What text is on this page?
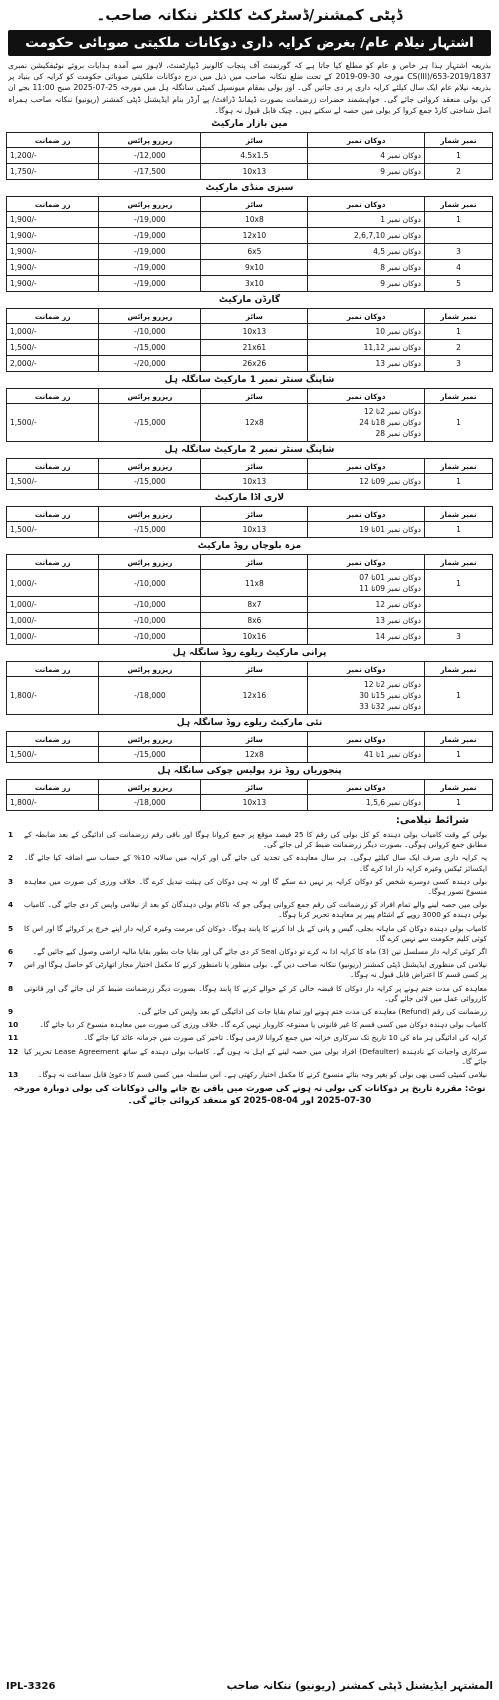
ڈپٹی کمشنر/ڈسٹرکٹ کلکٹر ننکانہ صاحب۔
اشتہار نیلام عام/ بغرض کرایہ داری دوکانات ملکیتی صوبائی حکومت
بذریعہ اشتہار ہذا ہر خاص و عام کو مطلع کیا جاتا ہے کہ گورنمنٹ آف پنجاب کالونیز ڈیپارٹمنٹ، لاہور سے آمدہ ہدایات بروئے نوٹیفکیشن نمبری CS(III)/653-2019/1837 مورخہ 30-09-2019 کے تحت ضلع ننکانہ صاحب میں ذیل میں درج دوکانات ملکیتی صوبائی حکومت کو کرایہ کی بنیاد پر بذریعہ نیلام عام ایک سال کیلئے کرایہ داری پر دی جائیں گی۔ اور بولی بمقام میونسپل کمیٹی سانگلہ ہل میں مورخہ 25-07-2025 صبح 11:00 بجے ان کی بولی منعقد کروائی جائے گی۔ خواہشمند حضرات زرضمانت بصورت ڈیمانڈ ڈرافٹ/ پے آرڈر بنام ایڈیشنل ڈپٹی کمشنر (ریونیو) ننکانہ صاحب ہمراہ اصل شناختی کارڈ جمع کروا کر بولی میں حصہ لے سکتے ہیں۔ چیک قابل قبول نہ ہوگا۔
مین بازار مارکیٹ
نمبر شمار	دوکان نمبر	سائز	ریزرو پرائس	زر ضمانت
1	دوکان نمبر 4	4.5x1.5	12,000/-	1,200/-
2	دوکان نمبر 9	10x13	17,500/-	1,750/-
سبزی منڈی مارکیٹ
نمبر شمار	دوکان نمبر	سائز	ریزرو پرائس	زر ضمانت
1	دوکان نمبر 1	10x8	19,000/-	1,900/-
	دوکان نمبر 2,6,7,10	12x10	19,000/-	1,900/-
3	دوکان نمبر 4,5	6x5	19,000/-	1,900/-
4	دوکان نمبر 8	9x10	19,000/-	1,900/-
5	دوکان نمبر 9	3x10	19,000/-	1,900/-
گارڈن مارکیٹ
نمبر شمار	دوکان نمبر	سائز	ریزرو پرائس	زر ضمانت
1	دوکان نمبر 10	10x13	10,000/-	1,000/-
2	دوکان نمبر 11,12	21x61	15,000/-	1,500/-
3	دوکان نمبر 13	26x26	20,000/-	2,000/-
شاپنگ سنٹر نمبر 1 مارکیٹ سانگلہ ہل
نمبر شمار	دوکان نمبر	سائز	ریزرو پرائس	زر ضمانت
1	دوکان نمبر 2تا 12
دوکان نمبر 18تا 24
دوکان نمبر 28	12x8	15,000/-	1,500/-
شاپنگ سنٹر نمبر 2 مارکیٹ سانگلہ ہل
نمبر شمار	دوکان نمبر	سائز	ریزرو پرائس	زر ضمانت
1	دوکان نمبر 09تا 12	10x13	15,000/-	1,500/-
لاری اڈا مارکیٹ
نمبر شمار	دوکان نمبر	سائز	ریزرو پرائس	زر ضمانت
1	دوکان نمبر 01تا 19	10x13	15,000/-	1,500/-
مزہ بلوچاں روڈ مارکیٹ
نمبر شمار	دوکان نمبر	سائز	ریزرو پرائس	زر ضمانت
1	دوکان نمبر 01تا 07
دوکان نمبر 09تا 11	11x8	10,000/-	1,000/-
	دوکان نمبر 12	8x7	10,000/-	1,000/-
	دوکان نمبر 13	8x6	10,000/-	1,000/-
3	دوکان نمبر 14	10x16	10,000/-	1,000/-
پرانی مارکیٹ ریلوے روڈ سانگلہ ہل
نمبر شمار	دوکان نمبر	سائز	ریزرو پرائس	زر ضمانت
1	دوکان نمبر 2تا 12
دوکان نمبر 15تا 30
دوکان نمبر 32تا 33	12x16	18,000/-	1,800/-
نئی مارکیٹ ریلوے روڈ سانگلہ ہل
نمبر شمار	دوکان نمبر	سائز	ریزرو پرائس	زر ضمانت
1	دوکان نمبر 1تا 41	12x8	15,000/-	1,500/-
پنجوریاں روڈ نزد پولیس چوکی سانگلہ ہل
نمبر شمار	دوکان نمبر	سائز	ریزرو پرائس	زر ضمانت
1	دوکان نمبر 1,5,6	10x13	18,000/-	1,800/-
شرائط نیلامی:
بولی کے وقت کامیاب بولی دہندہ کو کل بولی کی رقم کا 25 فیصد موقع پر جمع کروانا ہوگا اور باقی رقم زرضمانت کی ادائیگی کے بعد ضابطہ کے مطابق جمع کروانی ہوگی۔ بصورت دیگر زرضمانت ضبط کر لی جائے گی۔
1
یہ کرایہ داری صرف ایک سال کیلئے ہوگی۔ ہر سال معاہدہ کی تجدید کی جائے گی اور کرایہ میں سالانہ 10% کے حساب سے اضافہ کیا جائے گا۔ ایکسائز ٹیکس وغیرہ کرایہ دار ادا کرے گا۔
2
بولی دہندہ کسی دوسرے شخص کو دوکان کرایہ پر نہیں دے سکے گا اور نہ ہی دوکان کی ہیئت تبدیل کرے گا۔ خلاف ورزی کی صورت میں معاہدہ منسوخ تصور ہوگا۔
3
بولی میں حصہ لینے والے تمام افراد کو زرضمانت کی رقم جمع کروانی ہوگی جو کہ ناکام بولی دہندگان کو بعد از نیلامی واپس کر دی جائے گی۔ کامیاب بولی دہندہ کو 3000 روپے کے اشٹام پیپر پر معاہدہ تحریر کرنا ہوگا۔
4
کامیاب بولی دہندہ دوکان کی ماہانہ بجلی، گیس و پانی کے بل ادا کرنے کا پابند ہوگا۔ دوکان کی مرمت وغیرہ کرایہ دار اپنے خرچ پر کروائے گا اور اس کا کوئی کلیم حکومت سے نہیں کرے گا۔
5
اگر کوئی کرایہ دار مسلسل تین (3) ماہ کا کرایہ ادا نہ کرے تو دوکان Seal کر دی جائے گی اور بقایا جات بطور بقایا مالیہ اراضی وصول کیے جائیں گے۔
6
نیلامی کی منظوری ایڈیشنل ڈپٹی کمشنر (ریونیو) ننکانہ صاحب دیں گے۔ بولی منظور یا نامنظور کرنے کا مکمل اختیار مجاز اتھارٹی کو حاصل ہوگا اور اس پر کسی قسم کا اعتراض قابل قبول نہ ہوگا۔
7
معاہدہ کی مدت ختم ہونے پر کرایہ دار دوکان کا قبضہ خالی کر کے حوالے کرنے کا پابند ہوگا۔ بصورت دیگر زرضمانت ضبط کر لی جائے گی اور قانونی کارروائی عمل میں لائی جائے گی۔
8
زرضمانت کی رقم (Refund) معاہدہ کی مدت ختم ہونے اور تمام بقایا جات کی ادائیگی کے بعد واپس کی جائے گی۔
9
کامیاب بولی دہندہ دوکان میں کسی قسم کا غیر قانونی یا ممنوعہ کاروبار نہیں کرے گا۔ خلاف ورزی کی صورت میں معاہدہ منسوخ کر دیا جائے گا۔
10
کرایہ کی ادائیگی ہر ماہ کی 10 تاریخ تک سرکاری خزانہ میں جمع کروانا لازمی ہوگا۔ تاخیر کی صورت میں جرمانہ عائد کیا جائے گا۔
11
سرکاری واجبات کے نادہندہ (Defaulter) افراد بولی میں حصہ لینے کے اہل نہ ہوں گے۔ کامیاب بولی دہندہ کے ساتھ Lease Agreement تحریر کیا جائے گا۔
12
نیلامی کمیٹی کسی بھی بولی کو بغیر وجہ بتائے منسوخ کرنے کا مکمل اختیار رکھتی ہے۔ اس سلسلہ میں کسی قسم کا دعویٰ قابل سماعت نہ ہوگا۔
13
نوٹ: مقررہ تاریخ پر دوکانات کی بولی نہ ہونے کی صورت میں باقی بچ جانے والی دوکانات کی بولی دوبارہ مورخہ 30-07-2025 اور 04-08-2025 کو منعقد کروائی جائے گی۔
IPL-3326	المشتہر ایڈیشنل ڈپٹی کمشنر (ریونیو) ننکانہ صاحب
